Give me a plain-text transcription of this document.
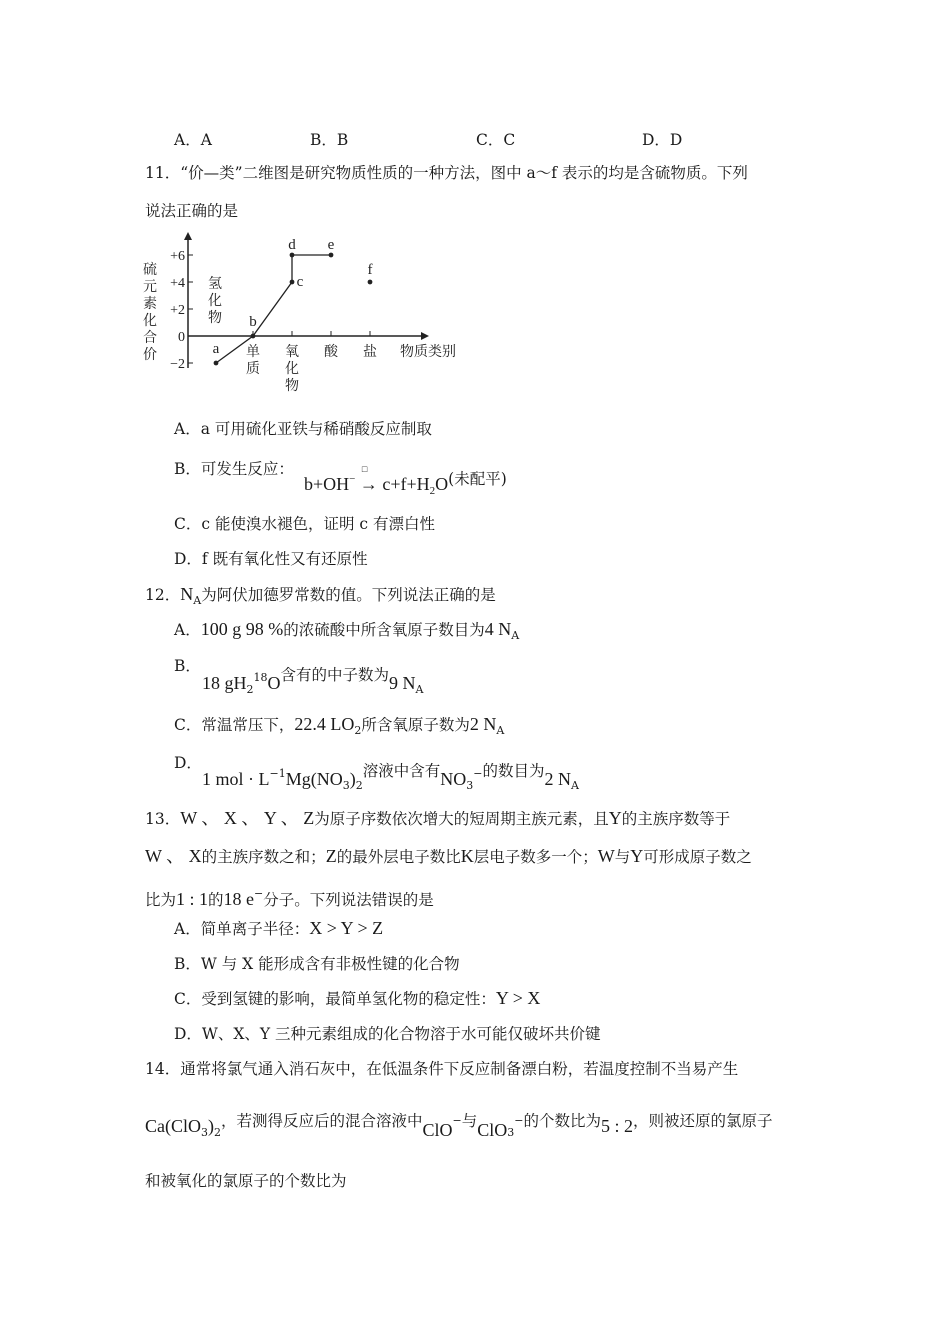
A．A	B．B	C．C	D．D
11．“价—类”二维图是研究物质性质的一种方法，图中 a～f 表示的均是含硫物质。下列
说法正确的是
+6
+4
+2
0
−2
硫
元
素
化
合
价
氢
化
物
单
质
氧
化
物
酸 盐 物质类别
a
b
c
d e
f
A．a 可用硫化亚铁与稀硝酸反应制取
B．可发生反应：
b+OH−
□
→ $c+f+H_2O$(未配平)
C．c 能使溴水褪色，证明 c 有漂白性
D．f 既有氧化性又有还原性
12．$N_A$为阿伏加德罗常数的值。下列说法正确的是
A．100 g 98 %的浓硫酸中所含氧原子数目为4 $N_A$
B．
18 $gH_2^{18}O$含有的中子数为9 $N_A$
C．常温常压下，22.4 $LO_2$所含氧原子数为2 $N_A$
D．
1 mol · $L^{-1}Mg(NO_3)_2$溶液中含有$NO_3^-$的数目为2 $N_A$
13．W 、 X 、 Y 、 Z为原子序数依次增大的短周期主族元素，且Y的主族序数等于
W 、 X的主族序数之和；Z的最外层电子数比K层电子数多一个；W与Y可形成原子数之
比为1 : 1的18 e−分子。下列说法错误的是
A．简单离子半径：X > Y > Z
B．W 与 X 能形成含有非极性键的化合物
C．受到氢键的影响，最简单氢化物的稳定性：Y > X
D．W、X、Y 三种元素组成的化合物溶于水可能仅破坏共价键
14．通常将氯气通入消石灰中，在低温条件下反应制备漂白粉，若温度控制不当易产生
$Ca(ClO_3)_2$，若测得反应后的混合溶液中ClO−与ClO$_3$−的个数比为5 : 2，则被还原的氯原子
和被氧化的氯原子的个数比为
